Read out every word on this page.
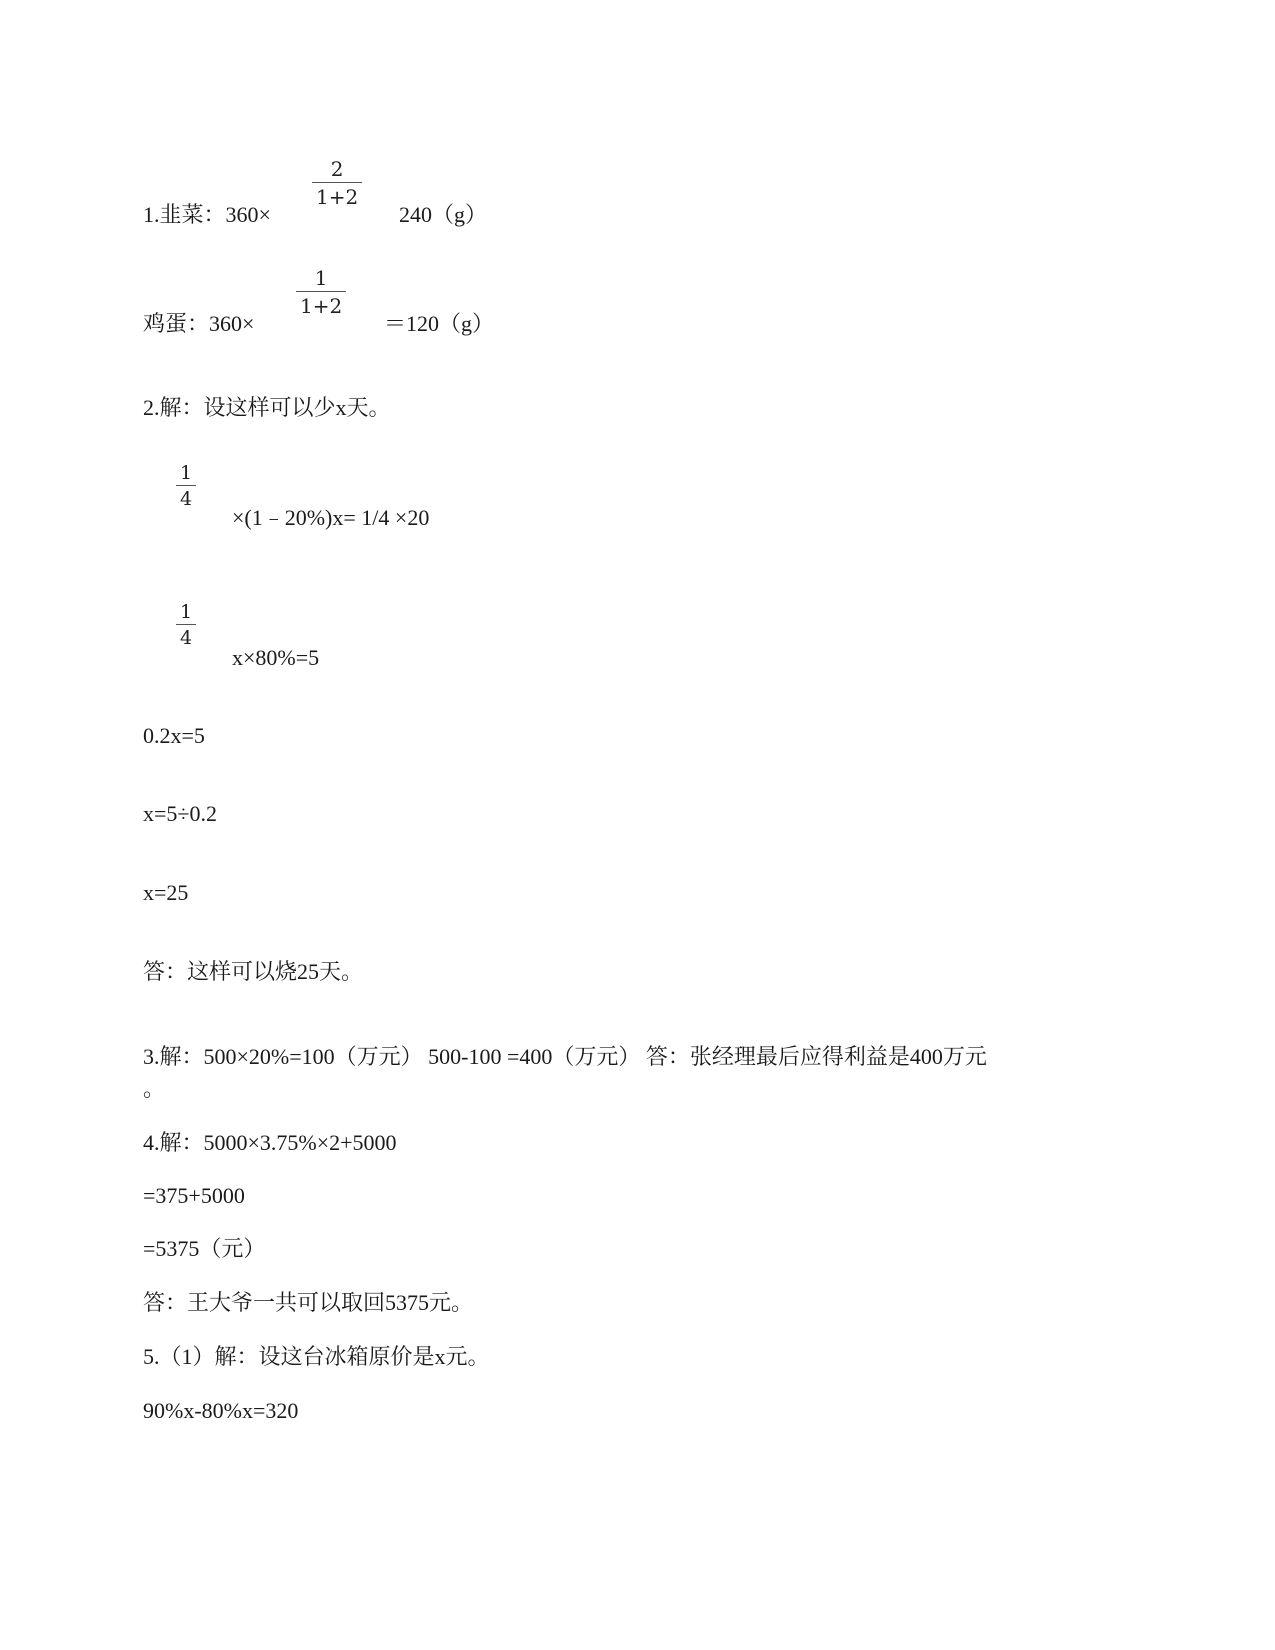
1.韭菜：360×
2
1+2
240（g）
鸡蛋：360×
1
1+2
＝120（g）
2.解：设这样可以少x天。
1
4
×(1﹣20%)x= 1/4 ×20
1
4
x×80%=5
0.2x=5
x=5÷0.2
x=25
答：这样可以烧25天。
3.解：500×20%=100（万元） 500-100 =400（万元） 答：张经理最后应得利益是400万元
。
4.解：5000×3.75%×2+5000
=375+5000
=5375（元）
答：王大爷一共可以取回5375元。
5.（1）解：设这台冰箱原价是x元。
90%x-80%x=320
